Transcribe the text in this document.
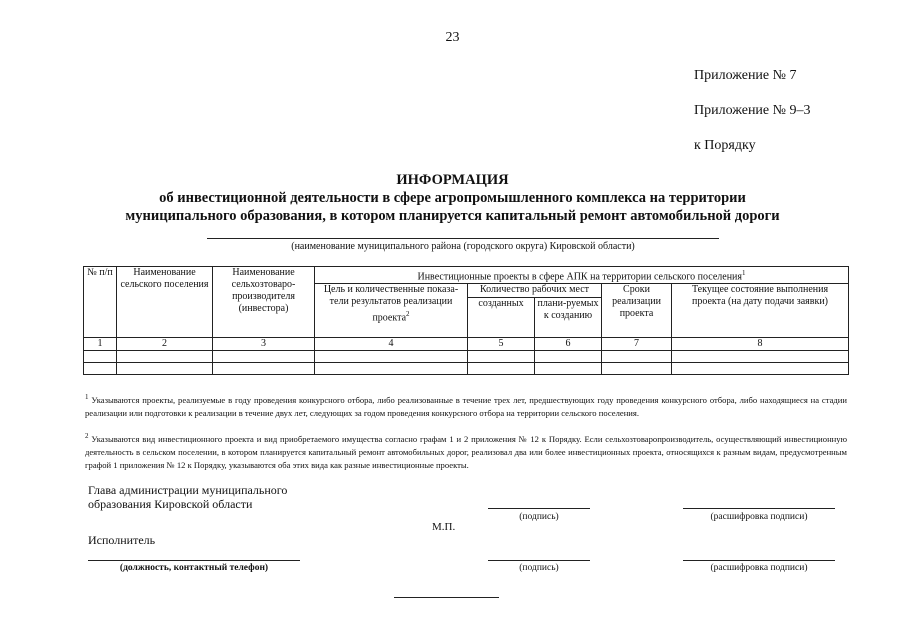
23
Приложение № 7
Приложение № 9–3
к Порядку
ИНФОРМАЦИЯ
об инвестиционной деятельности в сфере агропромышленного комплекса на территории
муниципального образования, в котором планируется капитальный ремонт автомобильной дороги
(наименование муниципального района (городского округа) Кировской области)
№ п/п	Наименование сельского поселения	Наименование сельхозтоваро-производителя (инвестора)	Инвестиционные проекты в сфере АПК на территории сельского поселения$^1$
			Цель и количественные показа-тели результатов реализации проекта$^2$	Количество рабочих мест		Сроки реализации проекта	Текущее состояние выполнения проекта (на дату подачи заявки)
				созданных	плани-руемых к созданию		
1	2	3	4	5	6	7	8

$^1$ Указываются проекты, реализуемые в году проведения конкурсного отбора, либо реализованные в течение трех лет, предшествующих году проведения конкурсного отбора, либо находящиеся на стадии реализации или подготовки к реализации в течение двух лет, следующих за годом проведения конкурсного отбора на территории сельского поселения.
$^2$ Указываются вид инвестиционного проекта и вид приобретаемого имущества согласно графам 1 и 2 приложения № 12 к Порядку. Если сельхозтоваропроизводитель, осуществляющий инвестиционную деятельность в сельском поселении, в котором планируется капитальный ремонт автомобильных дорог, реализовал два или более инвестиционных проекта, относящихся к разным видам, предусмотренным графой 1 приложения № 12 к Порядку, указываются оба этих вида как разные инвестиционные проекты.
Глава администрации муниципального
образования Кировской области
(подпись)	(расшифровка подписи)
М.П.
Исполнитель
(должность, контактный телефон)	(подпись)	(расшифровка подписи)
